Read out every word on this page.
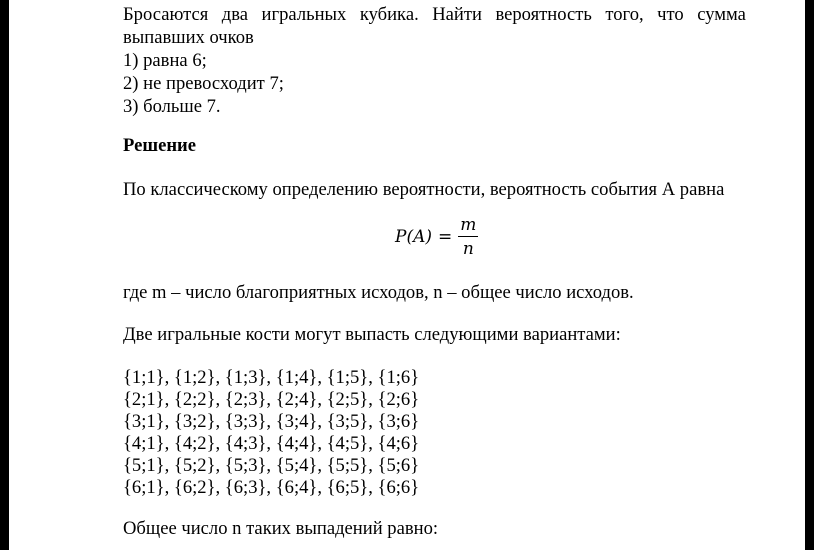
Бросаются два игральных кубика. Найти вероятность того, что сумма
выпавших очков
1) равна 6;
2) не превосходит 7;
3) больше 7.
Решение
По классическому определению вероятности, вероятность события А равна
$P(A) = \frac{m}{n}$
где m – число благоприятных исходов, n – общее число исходов.
Две игральные кости могут выпасть следующими вариантами:
{1;1}, {1;2}, {1;3}, {1;4}, {1;5}, {1;6}
{2;1}, {2;2}, {2;3}, {2;4}, {2;5}, {2;6}
{3;1}, {3;2}, {3;3}, {3;4}, {3;5}, {3;6}
{4;1}, {4;2}, {4;3}, {4;4}, {4;5}, {4;6}
{5;1}, {5;2}, {5;3}, {5;4}, {5;5}, {5;6}
{6;1}, {6;2}, {6;3}, {6;4}, {6;5}, {6;6}
Общее число n таких выпадений равно:
